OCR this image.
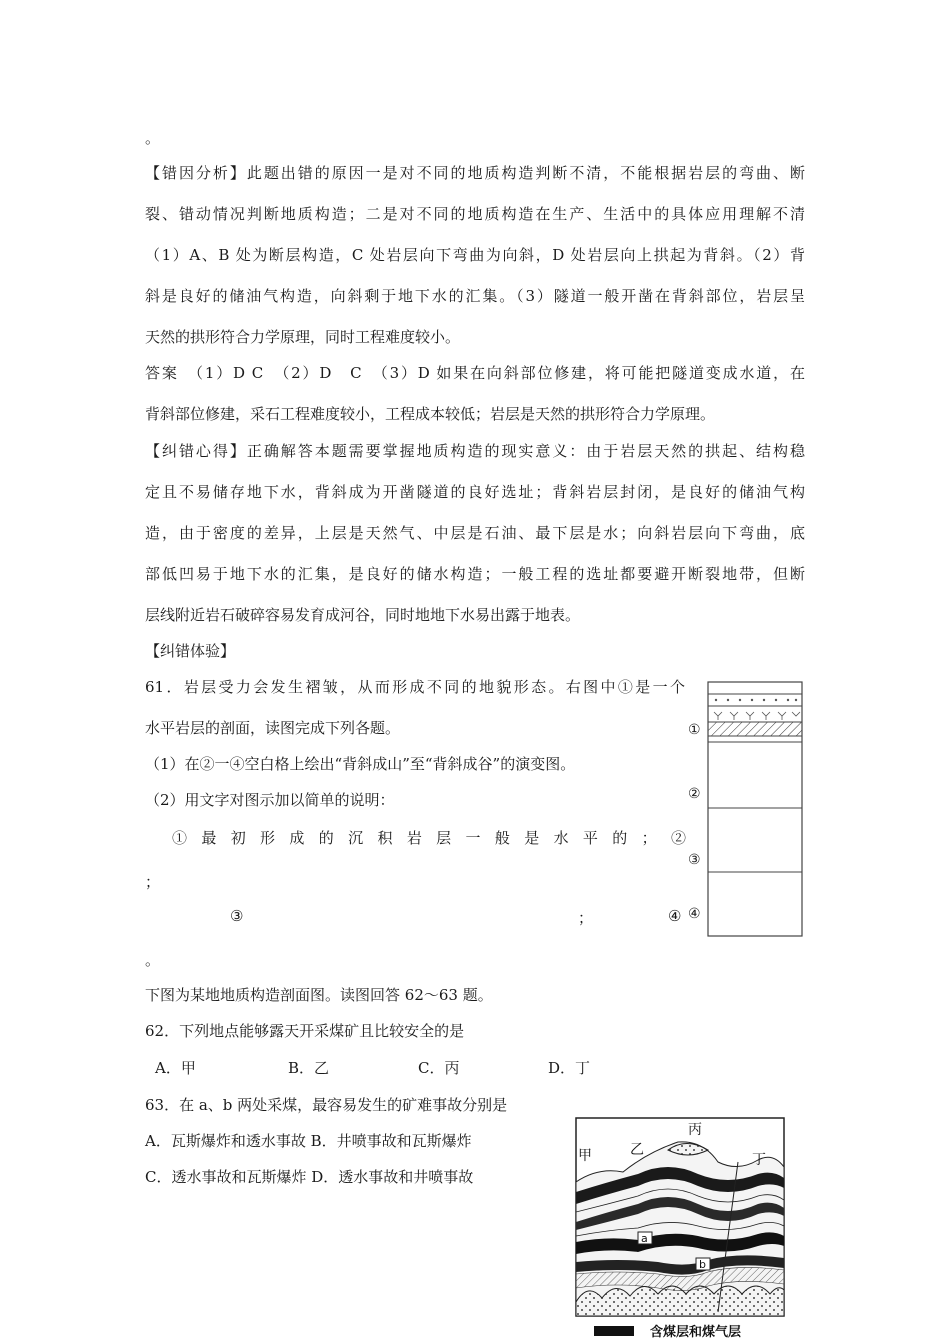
。
【错因分析】此题出错的原因一是对不同的地质构造判断不清，不能根据岩层的弯曲、断
裂、错动情况判断地质构造；二是对不同的地质构造在生产、生活中的具体应用理解不清
（1）A、B 处为断层构造，C 处岩层向下弯曲为向斜，D 处岩层向上拱起为背斜。（2）背
斜是良好的储油气构造，向斜剩于地下水的汇集。（3）隧道一般开凿在背斜部位，岩层呈
天然的拱形符合力学原理，同时工程难度较小。
答案　（1）D C　（2）D　C　（3）D 如果在向斜部位修建，将可能把隧道变成水道，在
背斜部位修建，采石工程难度较小，工程成本较低；岩层是天然的拱形符合力学原理。
【纠错心得】正确解答本题需要掌握地质构造的现实意义：由于岩层天然的拱起、结构稳
定且不易储存地下水，背斜成为开凿隧道的良好选址；背斜岩层封闭，是良好的储油气构
造，由于密度的差异，上层是天然气、中层是石油、最下层是水；向斜岩层向下弯曲，底
部低凹易于地下水的汇集，是良好的储水构造；一般工程的选址都要避开断裂地带，但断
层线附近岩石破碎容易发育成河谷，同时地地下水易出露于地表。
【纠错体验】
61．岩层受力会发生褶皱，从而形成不同的地貌形态。右图中①是一个
水平岩层的剖面，读图完成下列各题。
（1）在②一④空白格上绘出“背斜成山”至“背斜成谷”的演变图。
（2）用文字对图示加以简单的说明：
①最初形成的沉积岩层一般是水平的；②
；
③	；	④
。
下图为某地地质构造剖面图。读图回答 62～63 题。
62．下列地点能够露天开采煤矿且比较安全的是
A．甲	B．乙	C．丙	D．丁
63．在 a、b 两处采煤，最容易发生的矿难事故分别是
A．瓦斯爆炸和透水事故 B．井喷事故和瓦斯爆炸
C．透水事故和瓦斯爆炸 D．透水事故和井喷事故
①
②
③
④
丙
甲	乙
丁
a
b
含煤层和煤气层
